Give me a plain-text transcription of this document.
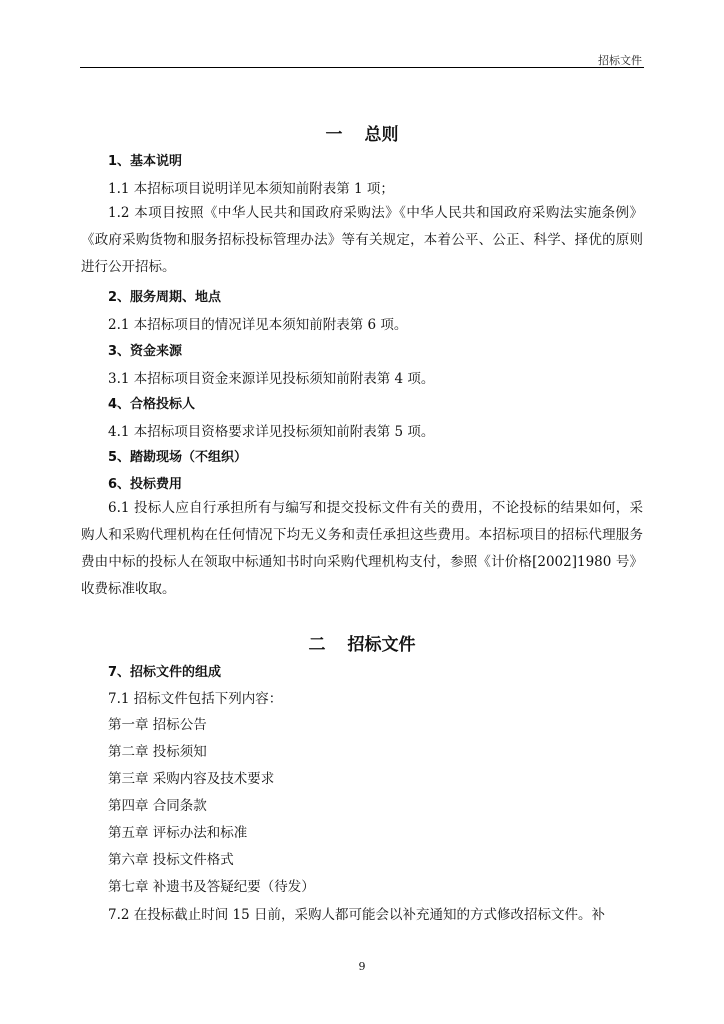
招标文件
一 总则
1、基本说明
1.1 本招标项目说明详见本须知前附表第 1 项；
1.2 本项目按照《中华人民共和国政府采购法》《中华人民共和国政府采购法实施条例》《政府采购货物和服务招标投标管理办法》等有关规定，本着公平、公正、科学、择优的原则进行公开招标。
2、服务周期、地点
2.1 本招标项目的情况详见本须知前附表第 6 项。
3、资金来源
3.1 本招标项目资金来源详见投标须知前附表第 4 项。
4、合格投标人
4.1 本招标项目资格要求详见投标须知前附表第 5 项。
5、踏勘现场（不组织）
6、投标费用
6.1 投标人应自行承担所有与编写和提交投标文件有关的费用，不论投标的结果如何，采购人和采购代理机构在任何情况下均无义务和责任承担这些费用。本招标项目的招标代理服务费由中标的投标人在领取中标通知书时向采购代理机构支付，参照《计价格[2002]1980 号》收费标准收取。
二 招标文件
7、招标文件的组成
7.1 招标文件包括下列内容：
第一章 招标公告
第二章 投标须知
第三章 采购内容及技术要求
第四章 合同条款
第五章 评标办法和标准
第六章 投标文件格式
第七章 补遗书及答疑纪要（待发）
7.2 在投标截止时间 15 日前，采购人都可能会以补充通知的方式修改招标文件。补
9
